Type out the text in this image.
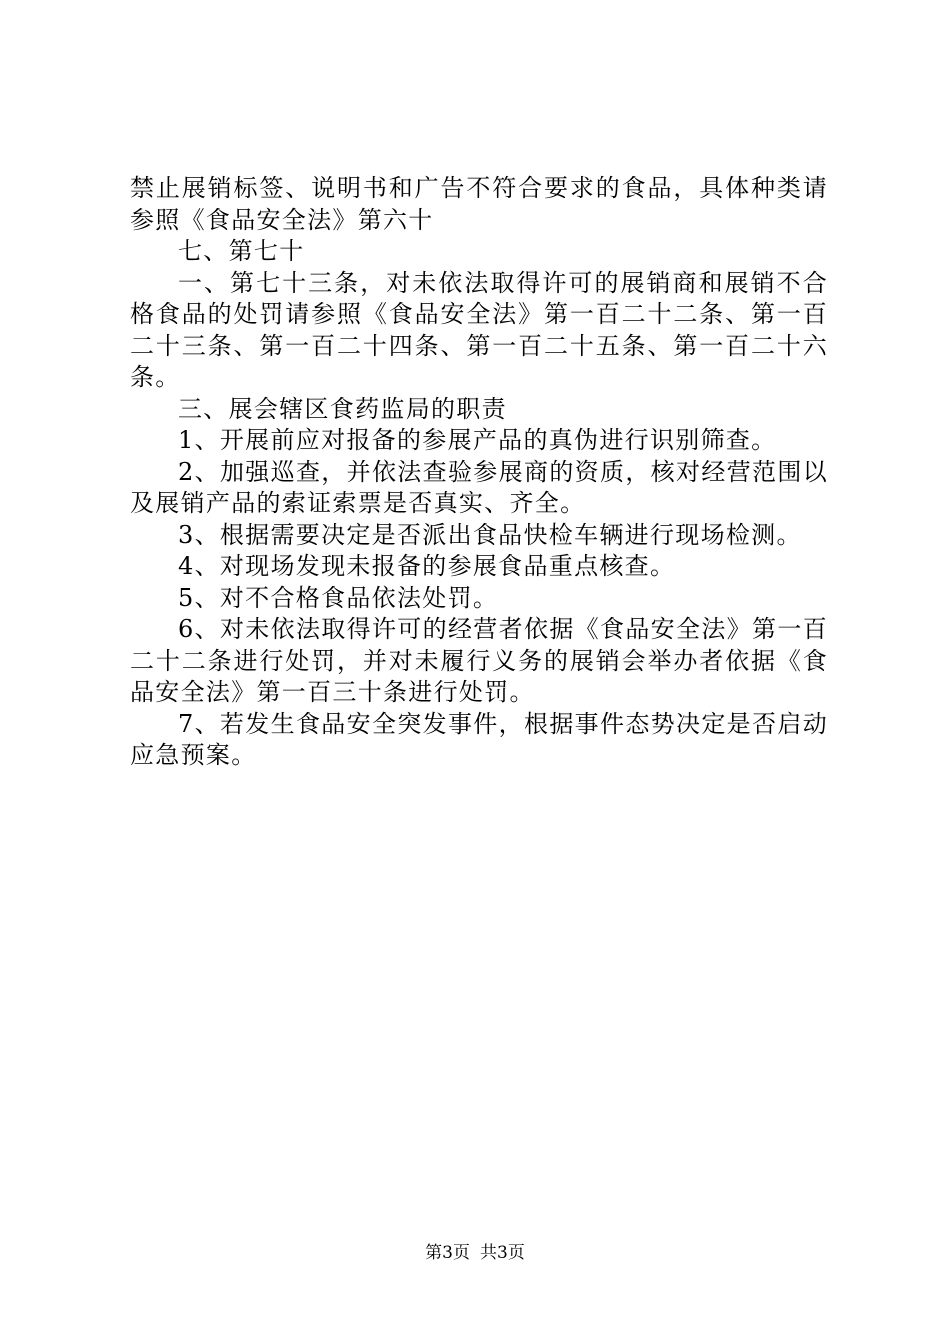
禁止展销标签、说明书和广告不符合要求的食品，具体种类请参照《食品安全法》第六十

七、第七十

一、第七十三条，对未依法取得许可的展销商和展销不合格食品的处罚请参照《食品安全法》第一百二十二条、第一百二十三条、第一百二十四条、第一百二十五条、第一百二十六条。

三、展会辖区食药监局的职责

1、开展前应对报备的参展产品的真伪进行识别筛查。

2、加强巡查，并依法查验参展商的资质，核对经营范围以及展销产品的索证索票是否真实、齐全。

3、根据需要决定是否派出食品快检车辆进行现场检测。

4、对现场发现未报备的参展食品重点核查。

5、对不合格食品依法处罚。

6、对未依法取得许可的经营者依据《食品安全法》第一百二十二条进行处罚，并对未履行义务的展销会举办者依据《食品安全法》第一百三十条进行处罚。

7、若发生食品安全突发事件，根据事件态势决定是否启动应急预案。

第3页 共3页
